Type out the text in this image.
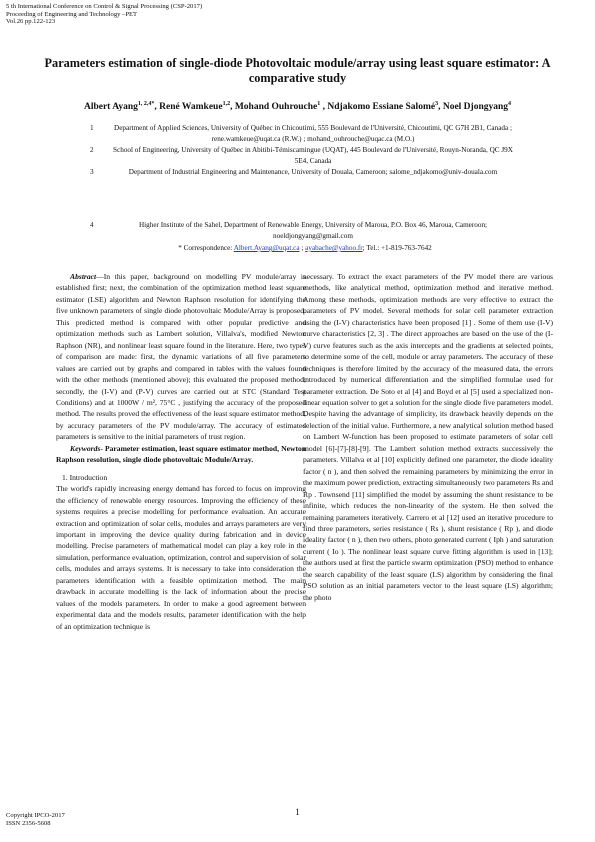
5 th International Conference on Control & Signal Processing (CSP-2017)
Proceeding of Engineering and Technology –PET
Vol.26 pp.122-123
Parameters estimation of single-diode Photovoltaic module/array using least square estimator: A comparative study
Albert Ayang$^{1, 2,4*}$, René Wamkeue$^{1,2}$, Mohand Ouhrouche$^1$ , Ndjakomo Essiane Salomé$^3$, Noel Djongyang$^4$
1	Department of Applied Sciences, University of Québec in Chicoutimi, 555 Boulevard de l'Université, Chicoutimi, QC G7H 2B1, Canada ; rene.wamkeue@uqat.ca (R.W.) ; mohand_ouhrouche@uqac.ca (M.O.)
2	School of Engineering, University of Québec in Abitibi-Témiscamingue (UQAT), 445 Boulevard de l'Université, Rouyn-Noranda, QC J9X 5E4, Canada
3	Department of Industrial Engineering and Maintenance, University of Douala, Cameroon; salome_ndjakomo@univ-douala.com
4	Higher Institute of the Sahel, Department of Renewable Energy, University of Maroua, P.O. Box 46, Maroua, Cameroon; noeldjongyang@gmail.com
* Correspondence: Albert.Ayang@uqat.ca ; ayabache@yahoo.fr; Tel.: +1-819-763-7642

Abstract—In this paper, background on modelling PV module/array is established first; next, the combination of the optimization method least square estimator (LSE) algorithm and Newton Raphson resolution for identifying the five unknown parameters of single diode photovoltaic Module/Array is proposed. This predicted method is compared with other popular predictive and optimization methods such as Lambert solution, Villalva's, modified Newton Raphson (NR), and nonlinear least square found in the literature. Here, two types of comparison are made: first, the dynamic variations of all five parameters values are carried out by graphs and compared in tables with the values found with the other methods (mentioned above); this evaluated the proposed method; secondly, the (I-V) and (P-V) curves are carried out at STC (Standard Test Conditions) and at 1000W / m², 75°C , justifying the accuracy of the proposed method. The results proved the effectiveness of the least square estimator method, by accuracy parameters of the PV module/array. The accuracy of estimated parameters is sensitive to the initial parameters of trust region.

Keywords- Parameter estimation, least square estimator method, Newton Raphson resolution, single diode photovoltaic Module/Array.

1. Introduction

The world's rapidly increasing energy demand has forced to focus on improving the efficiency of renewable energy resources. Improving the efficiency of these systems requires a precise modelling for performance evaluation. An accurate extraction and optimization of solar cells, modules and arrays parameters are very important in improving the device quality during fabrication and in device modelling. Precise parameters of mathematical model can play a key role in the simulation, performance evaluation, optimization, control and supervision of solar cells, modules and arrays systems. It is necessary to take into consideration the parameters identification with a feasible optimization method. The main drawback in accurate modelling is the lack of information about the precise values of the models parameters. In order to make a good agreement between experimental data and the models results, parameter identification with the help of an optimization technique is

necessary. To extract the exact parameters of the PV model there are various methods, like analytical method, optimization method and iterative method. Among these methods, optimization methods are very effective to extract the parameters of PV model. Several methods for solar cell parameter extraction using the (I-V) characteristics have been proposed [1] . Some of them use (I-V) curve characteristics [2, 3] . The direct approaches are based on the use of the (I-V) curve features such as the axis intercepts and the gradients at selected points, to determine some of the cell, module or array parameters. The accuracy of these techniques is therefore limited by the accuracy of the measured data, the errors introduced by numerical differentiation and the simplified formulae used for parameter extraction. De Soto et al [4] and Boyd et al [5] used a specialized non-linear equation solver to get a solution for the single diode five parameters model. Despite having the advantage of simplicity, its drawback heavily depends on the selection of the initial value. Furthermore, a new analytical solution method based on Lambert W-function has been proposed to estimate parameters of solar cell model [6]-[7]-[8]-[9]. The Lambert solution method extracts successively the parameters. Villalva et al [10] explicitly defined one parameter, the diode ideality factor ( n ), and then solved the remaining parameters by minimizing the error in the maximum power prediction, extracting simultaneously two parameters Rs and Rp . Townsend [11] simplified the model by assuming the shunt resistance to be infinite, which reduces the non-linearity of the system. He then solved the remaining parameters iteratively. Carrero et al [12] used an iterative procedure to find three parameters, series resistance ( Rs ), shunt resistance ( Rp ), and diode ideality factor ( n ), then two others, photo generated current ( Iph ) and saturation current ( Io ). The nonlinear least square curve fitting algorithm is used in [13]; the authors used at first the particle swarm optimization (PSO) method to enhance the search capability of the least square (LS) algorithm by considering the final PSO solution as an initial parameters vector to the least square (LS) algorithm; the photo

1
Copyright IPCO-2017
ISSN 2356-5608
